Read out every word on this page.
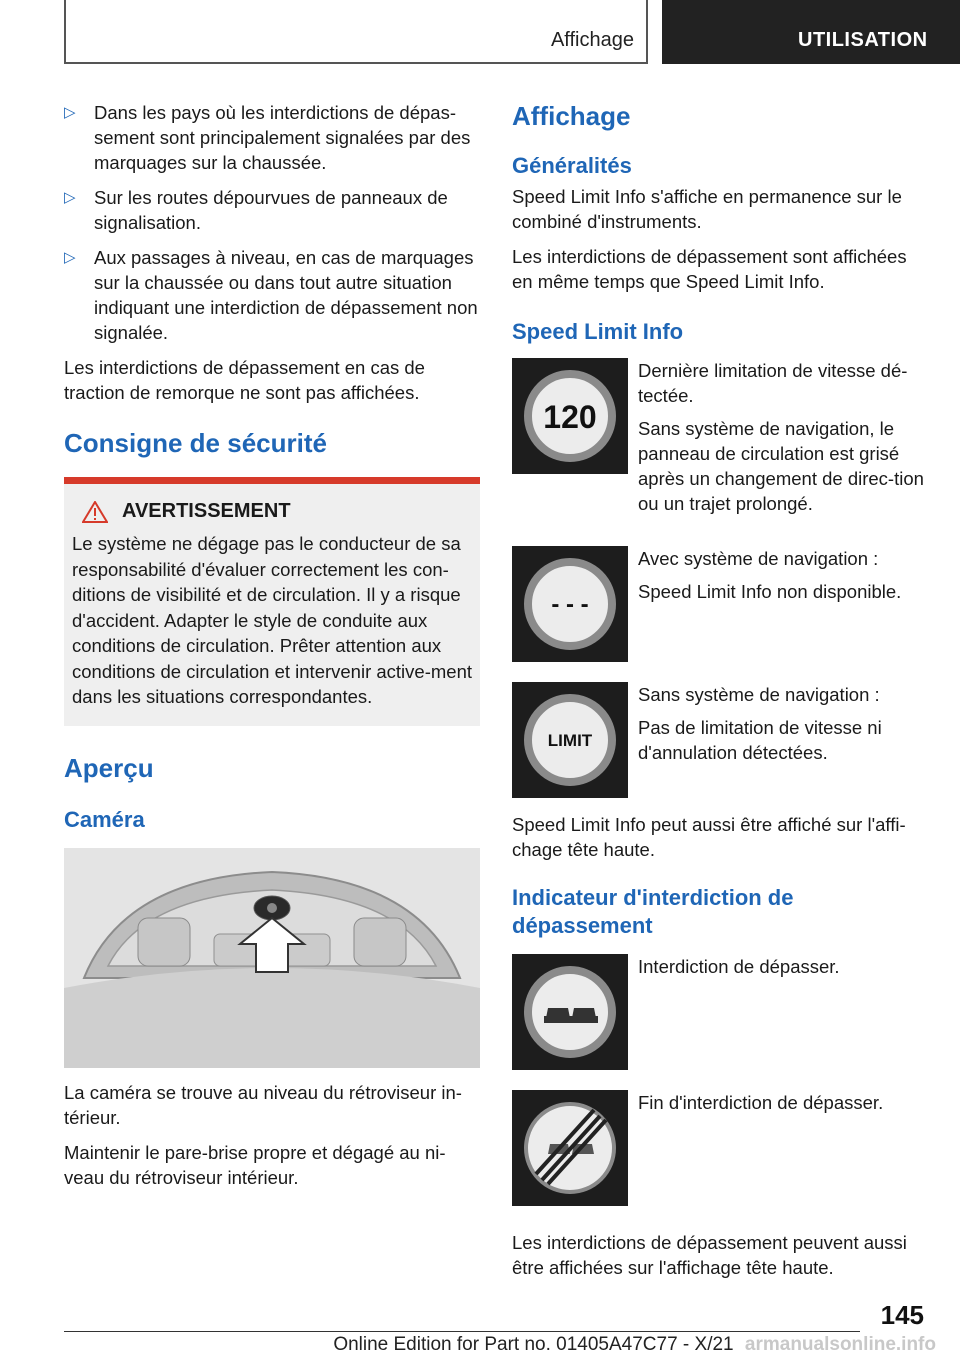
Affichage	UTILISATION
▷ Dans les pays où les interdictions de dépas-sement sont principalement signalées par des marquages sur la chaussée.
▷ Sur les routes dépourvues de panneaux de signalisation.
▷ Aux passages à niveau, en cas de marquages sur la chaussée ou dans tout autre situation indiquant une interdiction de dépassement non signalée.

Les interdictions de dépassement en cas de traction de remorque ne sont pas affichées.

Consigne de sécurité
AVERTISSEMENT

Le système ne dégage pas le conducteur de sa responsabilité d'évaluer correctement les con-ditions de visibilité et de circulation. Il y a risque d'accident. Adapter le style de conduite aux conditions de circulation. Prêter attention aux conditions de circulation et intervenir active-ment dans les situations correspondantes.

Aperçu
Caméra

La caméra se trouve au niveau du rétroviseur in-térieur.

Maintenir le pare-brise propre et dégagé au ni-veau du rétroviseur intérieur.

Affichage
Généralités

Speed Limit Info s'affiche en permanence sur le combiné d'instruments.

Les interdictions de dépassement sont affichées en même temps que Speed Limit Info.

Speed Limit Info
120

Dernière limitation de vitesse dé-tectée.

Sans système de navigation, le panneau de circulation est grisé après un changement de direc-tion ou un trajet prolongé.

- - -

Avec système de navigation :

Speed Limit Info non disponible.

LIMIT

Sans système de navigation :

Pas de limitation de vitesse ni d'annulation détectées.

Speed Limit Info peut aussi être affiché sur l'affi-chage tête haute.

Indicateur d'interdiction de dépassement

Interdiction de dépasser.

Fin d'interdiction de dépasser.

Les interdictions de dépassement peuvent aussi être affichées sur l'affichage tête haute.

145
Online Edition for Part no. 01405A47C77 - X/21 armanualsonline.info
